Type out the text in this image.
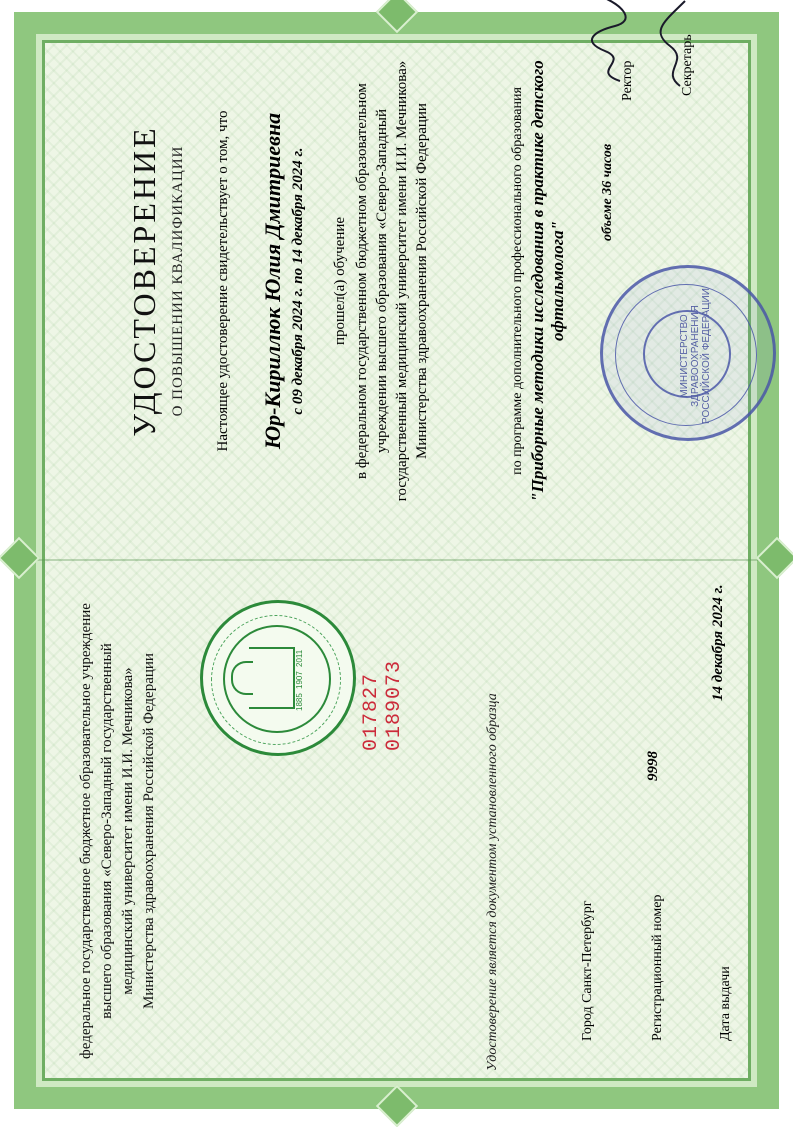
федеральное государственное бюджетное образовательное учреждение высшего образования «Северо-Западный государственный медицинский университет имени И.И. Мечникова» Министерства здравоохранения Российской Федерации	1885
1907
2011
017827 0189073	Удостоверение является документом установленного образца	Город Санкт-Петербург	Регистрационный номер
9998
Дата выдачи
14 декабря 2024 г.
УДОСТОВЕРЕНИЕ О ПОВЫШЕНИИ КВАЛИФИКАЦИИ Настоящее удостоверение свидетельствует о том, что Юр-Кириллюк Юлия Дмитриевна с 09 декабря 2024 г. по 14 декабря 2024 г. прошел(а) обучение в федеральном государственном бюджетном образовательном учреждении высшего образования «Северо-Западный государственный медицинский университет имени И.И. Мечникова» Министерства здравоохранения Российской Федерации	по программе дополнительного профессионального образования "Приборные методики исследования в практике детского офтальмолога"
МИНИСТЕРСТВО ЗДРАВООХРАНЕНИЯ РОССИЙСКОЙ ФЕДЕРАЦИИ
объеме 36 часов
Ректор	Секретарь
